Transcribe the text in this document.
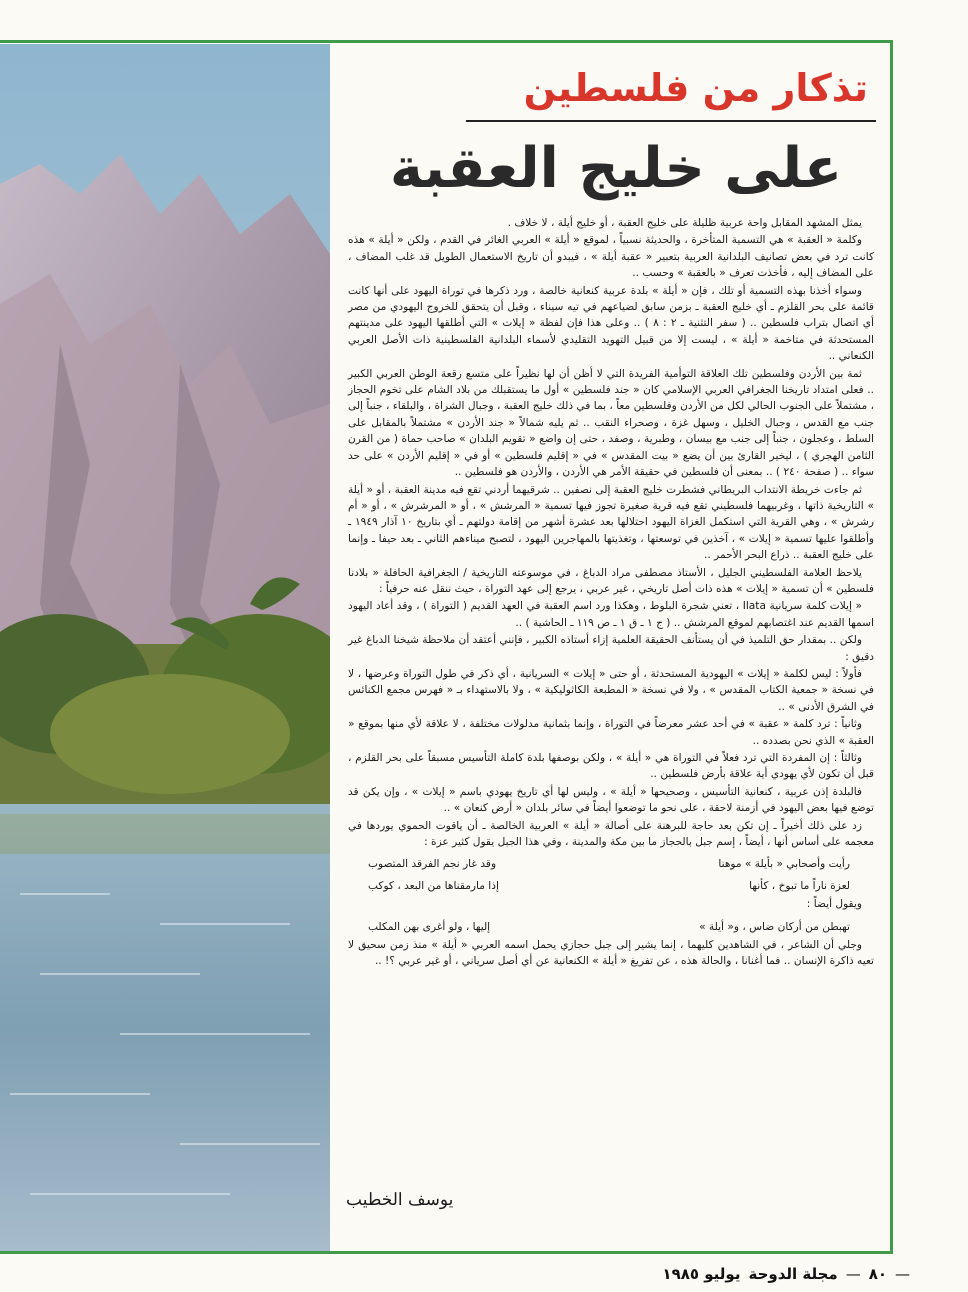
تذكار من فلسطين
على خليج العقبة

يمثل المشهد المقابل واحة عربية ظليلة على خليج العقبة ، أو خليج أيلة ، لا خلاف .

وكلمة « العقبة » هي التسمية المتأخرة ، والحديثة نسبياً ، لموقع « أيلة » العربي الغائر في القدم ، ولكن « أيلة » هذه كانت ترد في بعض تصانيف البلدانية العربية بتعبير « عقبة أيلة » ، فيبدو أن تاريخ الاستعمال الطويل قد غلب المضاف ، على المضاف إليه ، فأخذت تعرف « بالعقبة » وحسب ..

وسواء أخذنا بهذه التسمية أو تلك ، فإن « أيلة » بلدة عربية كنعانية خالصة ، ورد ذكرها في توراة اليهود على أنها كانت قائمة على بحر القلزم ـ أي خليج العقبة ـ بزمن سابق لضياعهم في تيه سيناء ، وقبل أن يتحقق للخروج اليهودي من مصر أي اتصال بتراب فلسطين .. ( سفر التثنية ـ ٢ : ٨ ) .. وعلى هذا فإن لفظة « إيلات » التي أطلقها اليهود على مدينتهم المستحدثة في متاخمة « أيلة » ، ليست إلا من قبيل التهويد التقليدي لأسماء البلدانية الفلسطينية ذات الأصل العربي الكنعاني ..

ثمة بين الأردن وفلسطين تلك العلاقة التوأمية الفريدة التي لا أظن أن لها نظيراً على متسع رقعة الوطن العربي الكبير .. فعلى امتداد تاريخنا الجغرافي العربي الإسلامي كان « جند فلسطين » أول ما يستقبلك من بلاد الشام على تخوم الحجاز ، مشتملاً على الجنوب الحالي لكل من الأردن وفلسطين معاً ، بما في ذلك خليج العقبة ، وجبال الشراة ، والبلقاء ، جنباً إلى جنب مع القدس ، وجبال الخليل ، وسهل غزة ، وصحراء النقب .. ثم يليه شمالاً « جند الأردن » مشتملاً بالمقابل على السلط ، وعجلون ، جنباً إلى جنب مع بيسان ، وطبرية ، وصفد ، حتى إن واضع « تقويم البلدان » صاحب حماة ( من القرن الثامن الهجري ) ، ليخير القارئ بين أن يضع « بيت المقدس » في « إقليم فلسطين » أو في « إقليم الأردن » على حد سواء .. ( صفحة ٢٤٠ ) .. بمعنى أن فلسطين في حقيقة الأمر هي الأردن ، والأردن هو فلسطين ..

ثم جاءت خريطة الانتداب البريطاني فشطرت خليج العقبة إلى نصفين .. شرقيهما أردني تقع فيه مدينة العقبة ، أو « أيلة » التاريخية ذاتها ، وغربيهما فلسطيني تقع فيه قرية صغيرة تجوز فيها تسمية « المرشش » ، أو « المرشرش » ، أو « أم رشرش » ، وهي القرية التي استكمل الغزاة اليهود احتلالها بعد عشرة أشهر من إقامة دولتهم ـ أي بتاريخ ١٠ آذار ١٩٤٩ ـ وأطلقوا عليها تسمية « إيلات » ، آخذين في توسعتها ، وتغذيتها بالمهاجرين اليهود ، لتصبح ميناءهم الثاني ـ بعد حيفا ـ وإنما على خليج العقبة .. ذراع البحر الأحمر ..

يلاحظ العلامة الفلسطيني الجليل ، الأستاذ مصطفى مراد الدباغ ، في موسوعته التاريخية / الجغرافية الحافلة « بلادنا فلسطين » أن تسمية « إيلات » هذه ذات أصل تاريخي ، غير عربي ، يرجع إلى عهد التوراة ، حيث ننقل عنه حرفياً :

« إيلات كلمة سريانية Ilata ، تعني شجرة البلوط ، وهكذا ورد اسم العقبة في العهد القديم ( التوراة ) ، وقد أعاد اليهود اسمها القديم عند اغتصابهم لموقع المرشش .. ( ج ١ ـ ق ١ ـ ص ١١٩ ـ الحاشية ) ..

ولكن .. بمقدار حق التلميذ في أن يستأنف الحقيقة العلمية إزاء أستاذه الكبير ، فإنني أعتقد أن ملاحظة شيخنا الدباغ غير دقيق :

فأولاً : ليس لكلمة « إيلات » اليهودية المستحدثة ، أو حتى « إيلات » السريانية ، أي ذكر في طول التوراة وعرضها ، لا في نسخة « جمعية الكتاب المقدس » ، ولا في نسخة « المطبعة الكاثوليكية » ، ولا بالاستهداء بـ « فهرس مجمع الكنائس في الشرق الأدنى » ..

وثانياً : ترد كلمة « عقبة » في أحد عشر معرضاً في التوراة ، وإنما بثمانية مدلولات مختلفة ، لا علاقة لأي منها بموقع « العقبة » الذي نحن بصدده ..

وثالثاً : إن المفردة التي ترد فعلاً في التوراة هي « أيلة » ، ولكن بوصفها بلدة كاملة التأسيس مسبقاً على بحر القلزم ، قبل أن تكون لأي يهودي أية علاقة بأرض فلسطين ..

فالبلدة إذن عربية ، كنعانية التأسيس ، وصحيحها « أيلة » ، وليس لها أي تاريخ يهودي باسم « إيلات » ، وإن يكن قد توضع فيها بعض اليهود في أزمنة لاحقة ، على نحو ما توضعوا أيضاً في سائر بلدان « أرض كنعان » ..

زد على ذلك أخيراً ـ إن تكن بعد حاجة للبرهنة على أصالة « أيلة » العربية الخالصة ـ أن ياقوت الحموي يوردها في معجمه على أساس أنها ، أيضاً ، إسم جبل بالحجاز ما بين مكة والمدينة ، وفي هذا الجبل يقول كثير عزة :

رأيت وأصحابي « بأيلة » موهنا
وقد غار نجم الفرقد المتصوب
لعزة ناراً ما تبوخ ، كأنها
إذا مارمقناها من البعد ، كوكب

ويقول أيضاً :

تهبطن من أركان ضاس ، و« أيلة »
إليها ، ولو أغرى بهن المكلب

وجلي أن الشاعر ، في الشاهدين كليهما ، إنما يشير إلى جبل حجازي يحمل اسمه العربي « أيلة » منذ زمن سحيق لا تعيه ذاكرة الإنسان .. فما أغنانا ، والحالة هذه ، عن تفريغ « أيلة » الكنعانية عن أي أصل سرياني ، أو غير عربي ؟! ..

يوسف الخطيب
—
٨٠
—
مجلة الدوحة
يوليو ١٩٨٥
